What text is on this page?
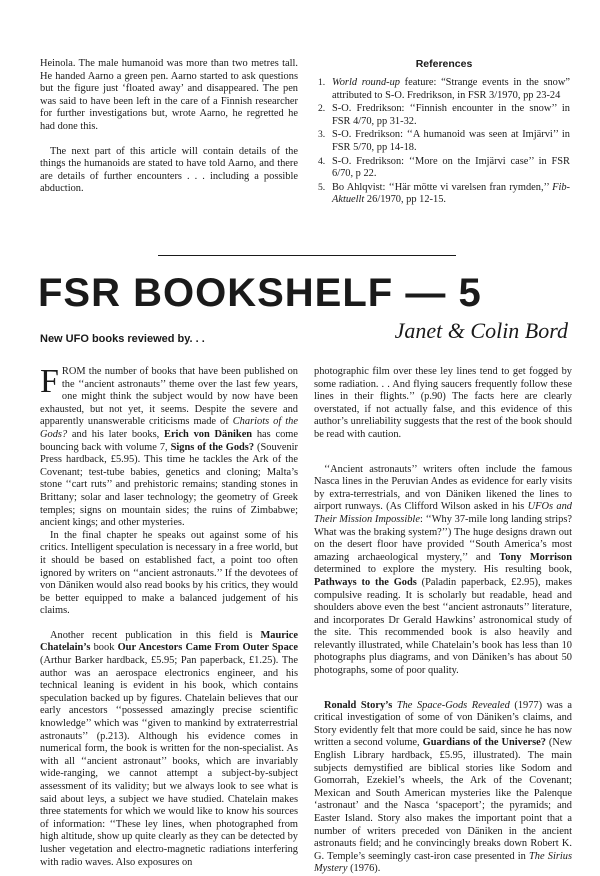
Heinola. The male humanoid was more than two metres tall. He handed Aarno a green pen. Aarno started to ask questions but the figure just ‘floated away’ and disappeared. The pen was said to have been left in the care of a Finnish researcher for further investigations but, wrote Aarno, he regretted he had done this.

The next part of this article will contain details of the things the humanoids are stated to have told Aarno, and there are details of further encounters . . . including a possible abduction.

References
1. World round-up feature: “Strange events in the snow” attributed to S-O. Fredrikson, in FSR 3/1970, pp 23-24
2. S-O. Fredrikson: ‘‘Finnish encounter in the snow’’ in FSR 4/70, pp 31-32.
3. S-O. Fredrikson: ‘‘A humanoid was seen at Imjärvi’’ in FSR 5/70, pp 14-18.
4. S-O. Fredrikson: ‘‘More on the Imjärvi case’’ in FSR 6/70, p 22.
5. Bo Ahlqvist: ‘‘Här mötte vi varelsen fran rymden,’’ Fib-Aktuellt 26/1970, pp 12-15.
FSR BOOKSHELF — 5
New UFO books reviewed by. . .	Janet & Colin Bord

FROM the number of books that have been published on the ‘‘ancient astronauts’’ theme over the last few years, one might think the subject would by now have been exhausted, but not yet, it seems. Despite the severe and apparently unanswerable criticisms made of Chariots of the Gods? and his later books, Erich von Däniken has come bouncing back with volume 7, Signs of the Gods? (Souvenir Press hardback, £5.95). This time he tackles the Ark of the Covenant; test-tube babies, genetics and cloning; Malta’s stone ‘‘cart ruts’’ and prehistoric remains; standing stones in Brittany; solar and laser technology; the geometry of Greek temples; signs on mountain sides; the ruins of Zimbabwe; ancient kings; and other mysteries.

In the final chapter he speaks out against some of his critics. Intelligent speculation is necessary in a free world, but it should be based on established fact, a point too often ignored by writers on ‘‘ancient astronauts.’’ If the devotees of von Däniken would also read books by his critics, they would be better equipped to make a balanced judgement of his claims.

Another recent publication in this field is Maurice Chatelain’s book Our Ancestors Came From Outer Space (Arthur Barker hardback, £5.95; Pan paperback, £1.25). The author was an aerospace electronics engineer, and his technical leaning is evident in his book, which contains speculation backed up by figures. Chatelain believes that our early ancestors ‘‘possessed amazingly precise scientific knowledge’’ which was ‘‘given to mankind by extraterrestrial astronauts’’ (p.213). Although his evidence comes in numerical form, the book is written for the non-specialist. As with all ‘‘ancient astronaut’’ books, which are invariably wide-ranging, we cannot attempt a subject-by-subject assessment of its validity; but we always look to see what is said about leys, a subject we have studied. Chatelain makes three statements for which we would like to know his sources of information: ‘‘These ley lines, when photographed from high altitude, show up quite clearly as they can be detected by lusher vegetation and electro-magnetic radiations interfering with radio waves. Also exposures on

photographic film over these ley lines tend to get fogged by some radiation. . . And flying saucers frequently follow these lines in their flights.’’ (p.90) The facts here are clearly overstated, if not actually false, and this evidence of this author’s unreliability suggests that the rest of the book should be read with caution.

‘‘Ancient astronauts’’ writers often include the famous Nasca lines in the Peruvian Andes as evidence for early visits by extra-terrestrials, and von Däniken likened the lines to airport runways. (As Clifford Wilson asked in his UFOs and Their Mission Impossible: ‘‘Why 37-mile long landing strips? What was the braking system?’’) The huge designs drawn out on the desert floor have provided ‘‘South America’s most amazing archaeological mystery,’’ and Tony Morrison determined to explore the mystery. His resulting book, Pathways to the Gods (Paladin paperback, £2.95), makes compulsive reading. It is scholarly but readable, head and shoulders above even the best ‘‘ancient astronauts’’ literature, and incorporates Dr Gerald Hawkins’ astronomical study of the site. This recommended book is also heavily and relevantly illustrated, while Chatelain’s book has less than 10 photographs plus diagrams, and von Däniken’s has about 50 photographs, some of poor quality.

Ronald Story’s The Space-Gods Revealed (1977) was a critical investigation of some of von Däniken’s claims, and Story evidently felt that more could be said, since he has now written a second volume, Guardians of the Universe? (New English Library hardback, £5.95, illustrated). The main subjects demystified are biblical stories like Sodom and Gomorrah, Ezekiel’s wheels, the Ark of the Covenant; Mexican and South American mysteries like the Palenque ‘astronaut’ and the Nasca ‘spaceport’; the pyramids; and Easter Island. Story also makes the important point that a number of writers preceded von Däniken in the ancient astronauts field; and he convincingly breaks down Robert K. G. Temple’s seemingly cast-iron case presented in The Sirius Mystery (1976).
